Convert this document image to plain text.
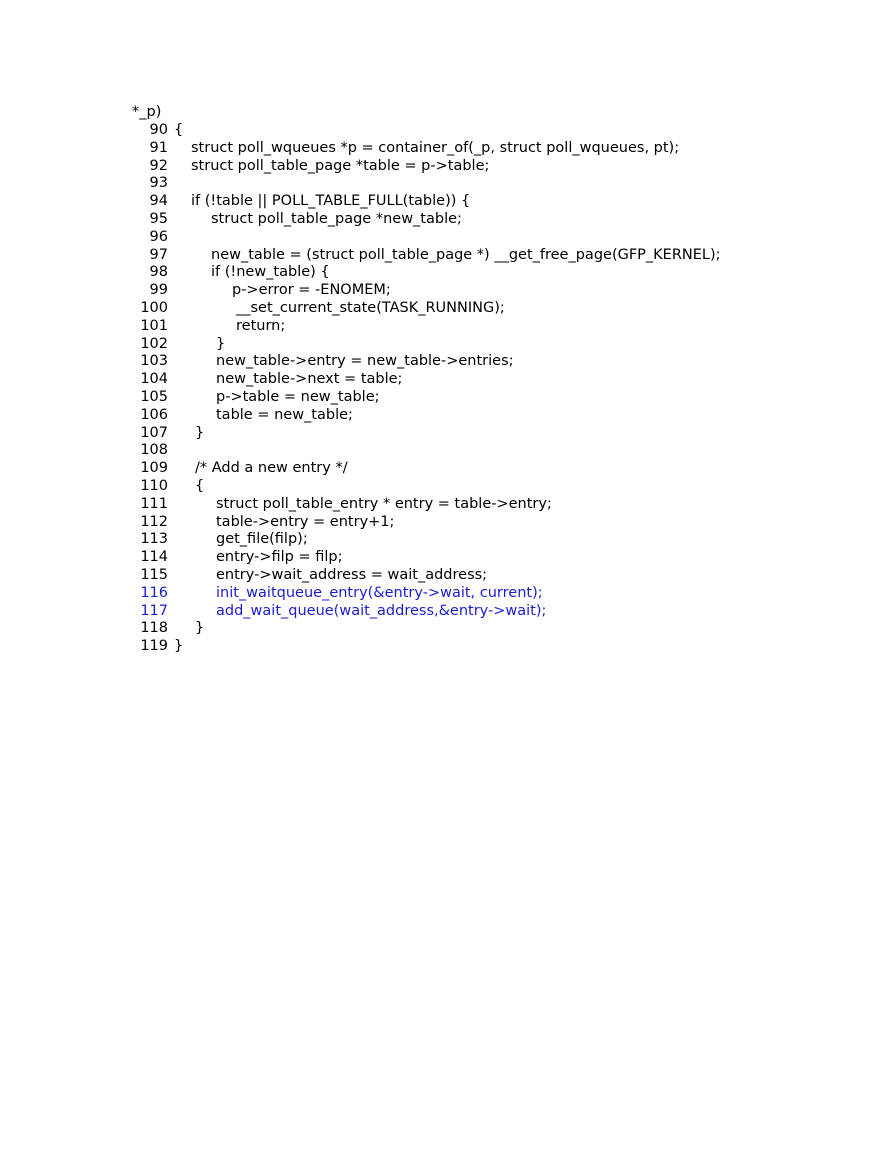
*_p)
90 {
91 struct poll_wqueues *p = container_of(_p, struct poll_wqueues, pt);
92 struct poll_table_page *table = p->table;
93
94 if (!table || POLL_TABLE_FULL(table)) {
95	struct poll_table_page *new_table;
96
97	new_table = (struct poll_table_page *) __get_free_page(GFP_KERNEL);
98	if (!new_table) {
99	p->error = -ENOMEM;
100	__set_current_state(TASK_RUNNING);
101	return;
102	}
103	new_table->entry = new_table->entries;
104	new_table->next = table;
105	p->table = new_table;
106	table = new_table;
107 }
108
109 /* Add a new entry */
110 {
111	struct poll_table_entry * entry = table->entry;
112	table->entry = entry+1;
113	get_file(filp);
114	entry->filp = filp;
115	entry->wait_address = wait_address;
116	init_waitqueue_entry(&entry->wait, current);
117	add_wait_queue(wait_address,&entry->wait);
118 }
119 }
